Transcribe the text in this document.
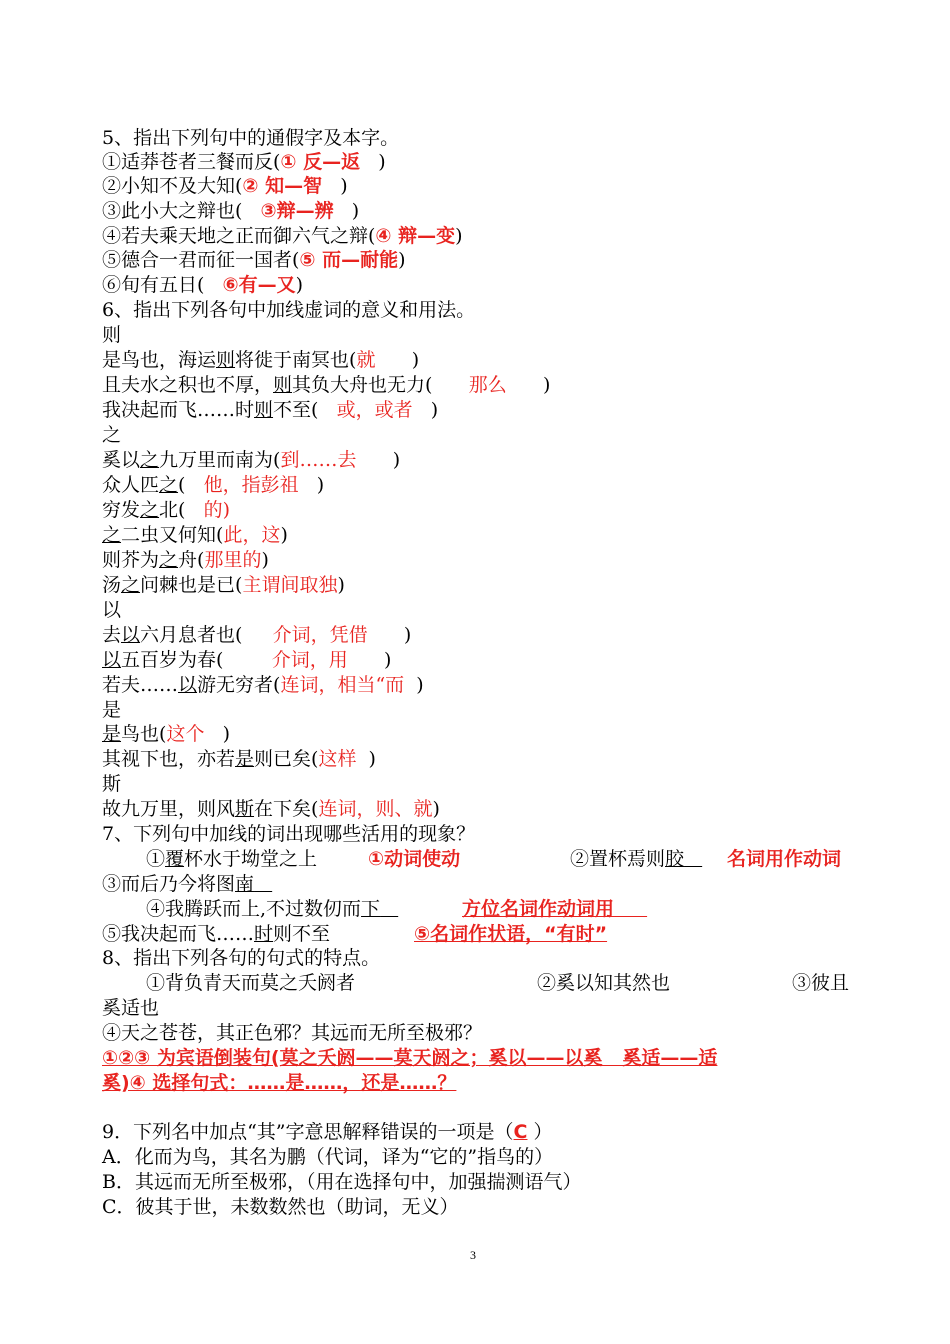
5、指出下列句中的通假字及本字。
①适莽苍者三餐而反(① 反—返   )
②小知不及大知(② 知—智   )
③此小大之辩也(   ③辩—辨   )
④若夫乘天地之正而御六气之辩(④ 辩—变)
⑤德合一君而征一国者(⑤ 而—耐能)
⑥旬有五日(   ⑥有—又)
6、指出下列各句中加线虚词的意义和用法。
则
是鸟也，海运则将徙于南冥也(就      )
且夫水之积也不厚，则其负大舟也无力(      那么      )
我决起而飞……时则不至(   或，或者   )
之
奚以之九万里而南为(到……去      )
众人匹之(   他，指彭祖   )
穷发之北(   的)
之二虫又何知(此，这)
则芥为之舟(那里的)
汤之问棘也是已(主谓间取独)
以
去以六月息者也(     介词，凭借      )
以五百岁为春(        介词，用      )
若夫……以游无穷者(连词，相当“而  )
是
是鸟也(这个   )
其视下也，亦若是则已矣(这样  )
斯
故九万里，则风斯在下矣(连词，则、就)
7、下列句中加线的词出现哪些活用的现象？
①覆杯水于坳堂之上	①动词使动	②置杯焉则胶	名词用作动词
③而后乃今将图南
④我腾跃而上,不过数仞而下	方位名词作动词用
⑤我决起而飞……时则不至	⑤名词作状语，“有时”
8、指出下列各句的句式的特点。
①背负青天而莫之夭阏者	②奚以知其然也	③彼且
奚适也
④天之苍苍，其正色邪？其远而无所至极邪？
①②③ 为宾语倒装句(莫之夭阏——莫天阏之；奚以——以奚   奚适——适
奚)④ 选择句式：……是……，还是……？
9．下列名中加点“其”字意思解释错误的一项是（C ）
A．化而为鸟，其名为鹏（代词，译为“它的”指鸟的）
B．其远而无所至极邪，（用在选择句中，加强揣测语气）
C．彼其于世，未数数然也（助词，无义）
3
